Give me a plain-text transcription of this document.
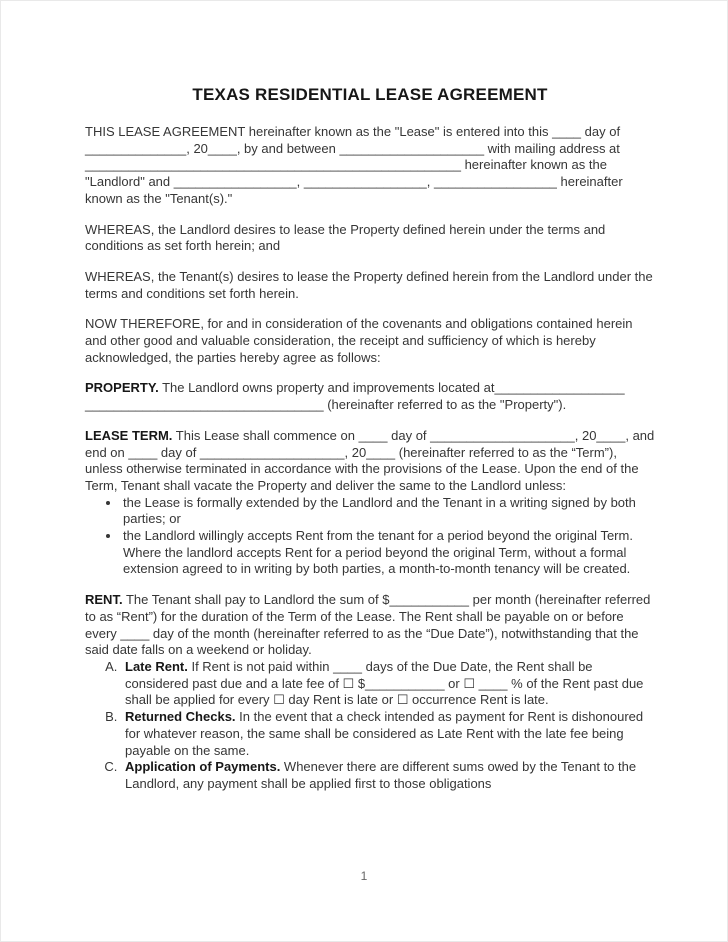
TEXAS RESIDENTIAL LEASE AGREEMENT

THIS LEASE AGREEMENT hereinafter known as the "Lease" is entered into this ____ day of ______________, 20____, by and between ____________________ with mailing address at ____________________________________________________ hereinafter known as the "Landlord" and _________________, _________________, _________________ hereinafter known as the "Tenant(s)."

WHEREAS, the Landlord desires to lease the Property defined herein under the terms and conditions as set forth herein; and

WHEREAS, the Tenant(s) desires to lease the Property defined herein from the Landlord under the terms and conditions set forth herein.

NOW THEREFORE, for and in consideration of the covenants and obligations contained herein and other good and valuable consideration, the receipt and sufficiency of which is hereby acknowledged, the parties hereby agree as follows:

PROPERTY. The Landlord owns property and improvements located at__________________ _________________________________ (hereinafter referred to as the "Property").

LEASE TERM. This Lease shall commence on ____ day of ____________________, 20____, and end on ____ day of ____________________, 20____ (hereinafter referred to as the “Term”), unless otherwise terminated in accordance with the provisions of the Lease. Upon the end of the Term, Tenant shall vacate the Property and deliver the same to the Landlord unless:

• the Lease is formally extended by the Landlord and the Tenant in a writing signed by both parties; or
• the Landlord willingly accepts Rent from the tenant for a period beyond the original Term. Where the landlord accepts Rent for a period beyond the original Term, without a formal extension agreed to in writing by both parties, a month-to-month tenancy will be created.

RENT. The Tenant shall pay to Landlord the sum of $___________ per month (hereinafter referred to as “Rent”) for the duration of the Term of the Lease. The Rent shall be payable on or before every ____ day of the month (hereinafter referred to as the “Due Date”), notwithstanding that the said date falls on a weekend or holiday.

A. Late Rent. If Rent is not paid within ____ days of the Due Date, the Rent shall be considered past due and a late fee of ☐ $___________ or ☐ ____ % of the Rent past due shall be applied for every ☐ day Rent is late or ☐ occurrence Rent is late.
B. Returned Checks. In the event that a check intended as payment for Rent is dishonoured for whatever reason, the same shall be considered as Late Rent with the late fee being payable on the same.
C. Application of Payments. Whenever there are different sums owed by the Tenant to the Landlord, any payment shall be applied first to those obligations
1
